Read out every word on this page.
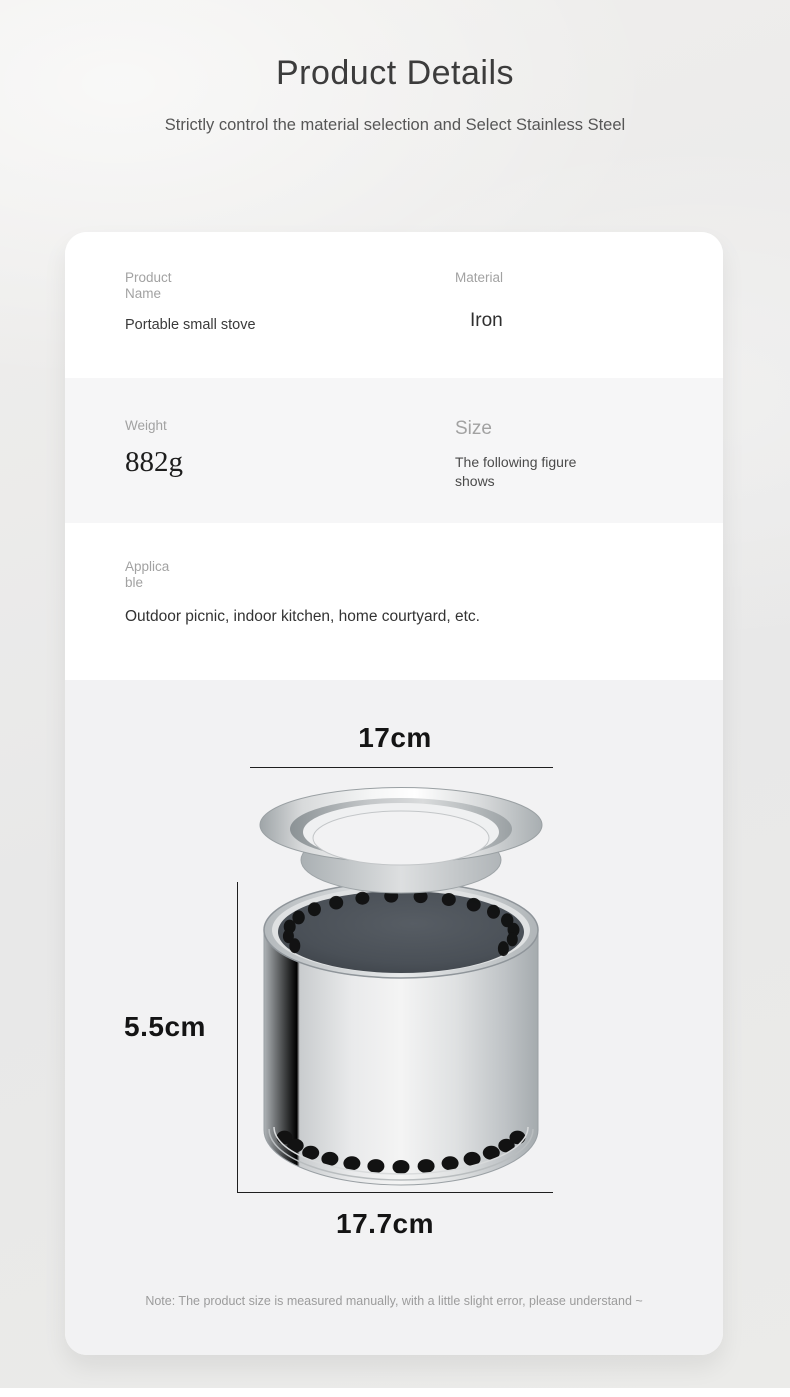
Product Details

Strictly control the material selection and Select Stainless Steel

Product Name
Portable small stove
Material
Iron
Weight
882g
Size
The following figure shows
Applicable
Outdoor picnic, indoor kitchen, home courtyard, etc.
17cm
5.5cm
17.7cm

Note: The product size is measured manually, with a little slight error, please understand ~
